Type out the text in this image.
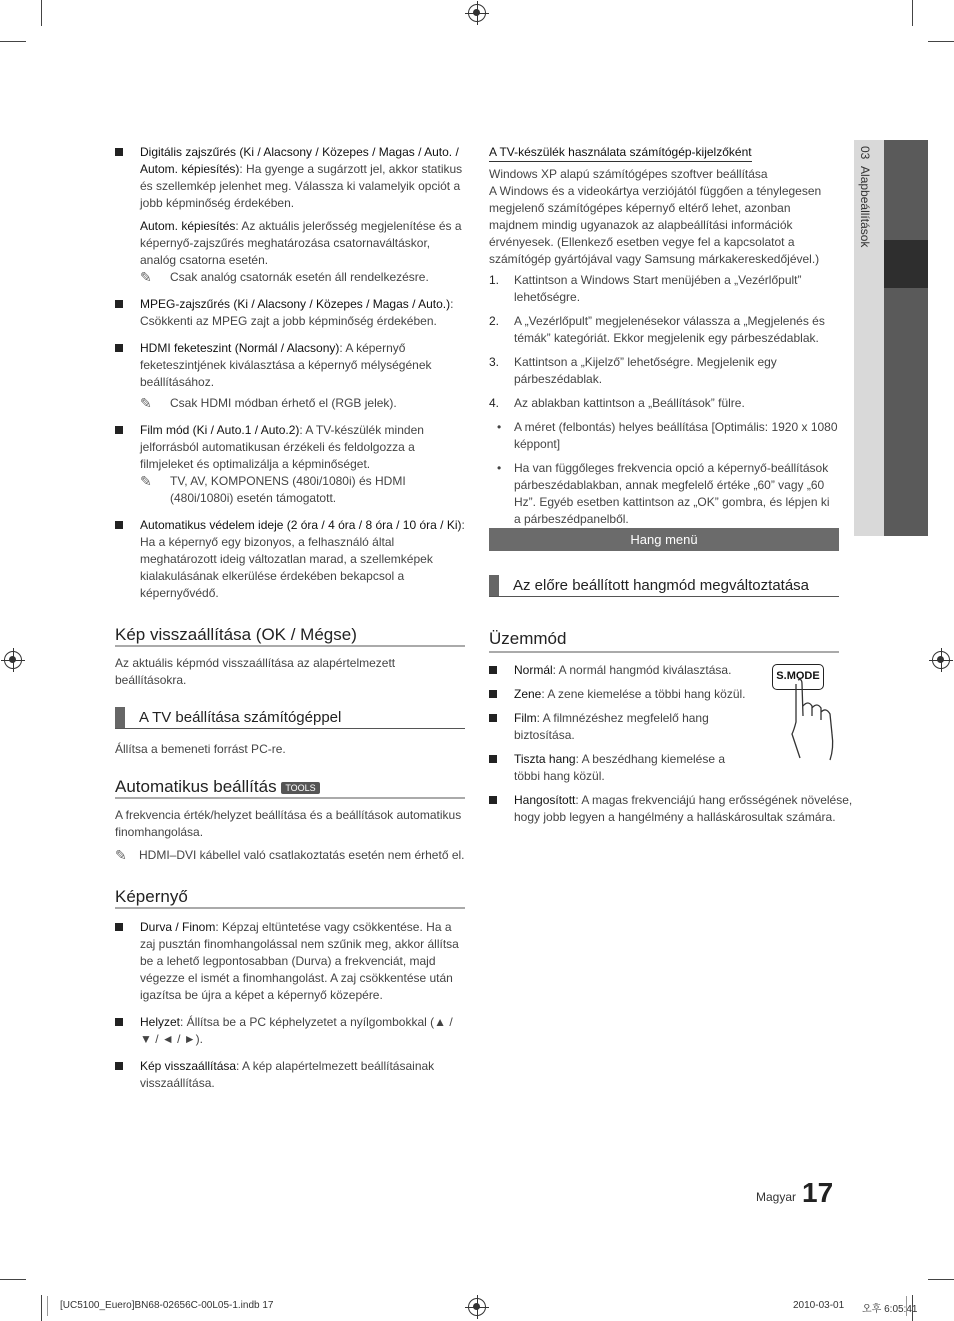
03  Alapbeállítások
Digitális zajszűrés (Ki / Alacsony / Közepes / Magas / Auto. / Autom. képiesítés): Ha gyenge a sugárzott jel, akkor statikus és szellemkép jelenhet meg. Válassza ki valamelyik opciót a jobb képminőség érdekében.
Autom. képiesítés: Az aktuális jelerősség megjelenítése és a képernyő-zajszűrés meghatározása csatornaváltáskor, analóg csatorna esetén.
✎ Csak analóg csatornák esetén áll rendelkezésre.
MPEG-zajszűrés (Ki / Alacsony / Közepes / Magas / Auto.): Csökkenti az MPEG zajt a jobb képminőség érdekében.
HDMI feketeszint (Normál / Alacsony): A képernyő feketeszintjének kiválasztása a képernyő mélységének beállításához.
✎ Csak HDMI módban érhető el (RGB jelek).
Film mód (Ki / Auto.1 / Auto.2): A TV-készülék minden jelforrásból automatikusan érzékeli és feldolgozza a filmjeleket és optimalizálja a képminőséget.
✎ TV, AV, KOMPONENS (480i/1080i) és HDMI (480i/1080i) esetén támogatott.
Automatikus védelem ideje (2 óra / 4 óra / 8 óra / 10 óra / Ki): Ha a képernyő egy bizonyos, a felhasználó által meghatározott ideig változatlan marad, a szellemképek kialakulásának elkerülése érdekében bekapcsol a képernyővédő.
Kép visszaállítása (OK / Mégse)
Az aktuális képmód visszaállítása az alapértelmezett beállításokra.
A TV beállítása számítógéppel
Állítsa a bemeneti forrást PC-re.
Automatikus beállítás TOOLS
A frekvencia érték/helyzet beállítása és a beállítások automatikus finomhangolása.
✎ HDMI–DVI kábellel való csatlakoztatás esetén nem érhető el.
Képernyő
Durva / Finom: Képzaj eltüntetése vagy csökkentése. Ha a zaj pusztán finomhangolással nem szűnik meg, akkor állítsa be a lehető legpontosabban (Durva) a frekvenciát, majd végezze el ismét a finomhangolást. A zaj csökkentése után igazítsa be újra a képet a képernyő közepére.
Helyzet: Állítsa be a PC képhelyzetet a nyílgombokkal (▲ / ▼ / ◄ / ►).
Kép visszaállítása: A kép alapértelmezett beállításainak visszaállítása.
A TV-készülék használata számítógép-kijelzőként
Windows XP alapú számítógépes szoftver beállítása
A Windows és a videokártya verziójától függően a ténylegesen megjelenő számítógépes képernyő eltérő lehet, azonban majdnem mindig ugyanazok az alapbeállítási információk érvényesek. (Ellenkező esetben vegye fel a kapcsolatot a számítógép gyártójával vagy Samsung márkakereskedőjével.)
1. Kattintson a Windows Start menüjében a „Vezérlőpult” lehetőségre.
2. A „Vezérlőpult” megjelenésekor válassza a „Megjelenés és témák” kategóriát. Ekkor megjelenik egy párbeszédablak.
3. Kattintson a „Kijelző” lehetőségre. Megjelenik egy párbeszédablak.
4. Az ablakban kattintson a „Beállítások” fülre.
• A méret (felbontás) helyes beállítása [Optimális: 1920 x 1080 képpont]
• Ha van függőleges frekvencia opció a képernyő-beállítások párbeszédablakban, annak megfelelő értéke „60” vagy „60 Hz”. Egyéb esetben kattintson az „OK” gombra, és lépjen ki a párbeszédpanelből.
Hang menü
Az előre beállított hangmód megváltoztatása
Üzemmód
Normál: A normál hangmód kiválasztása.
Zene: A zene kiemelése a többi hang közül.
Film: A filmnézéshez megfelelő hang biztosítása.
Tiszta hang: A beszédhang kiemelése a többi hang közül.
Hangosított: A magas frekvenciájú hang erősségének növelése, hogy jobb legyen a hangélmény a halláskárosultak számára.
S.MODE
Magyar 17
[UC5100_Euero]BN68-02656C-00L05-1.indb 17	2010-03-01 오후 6:05:41
